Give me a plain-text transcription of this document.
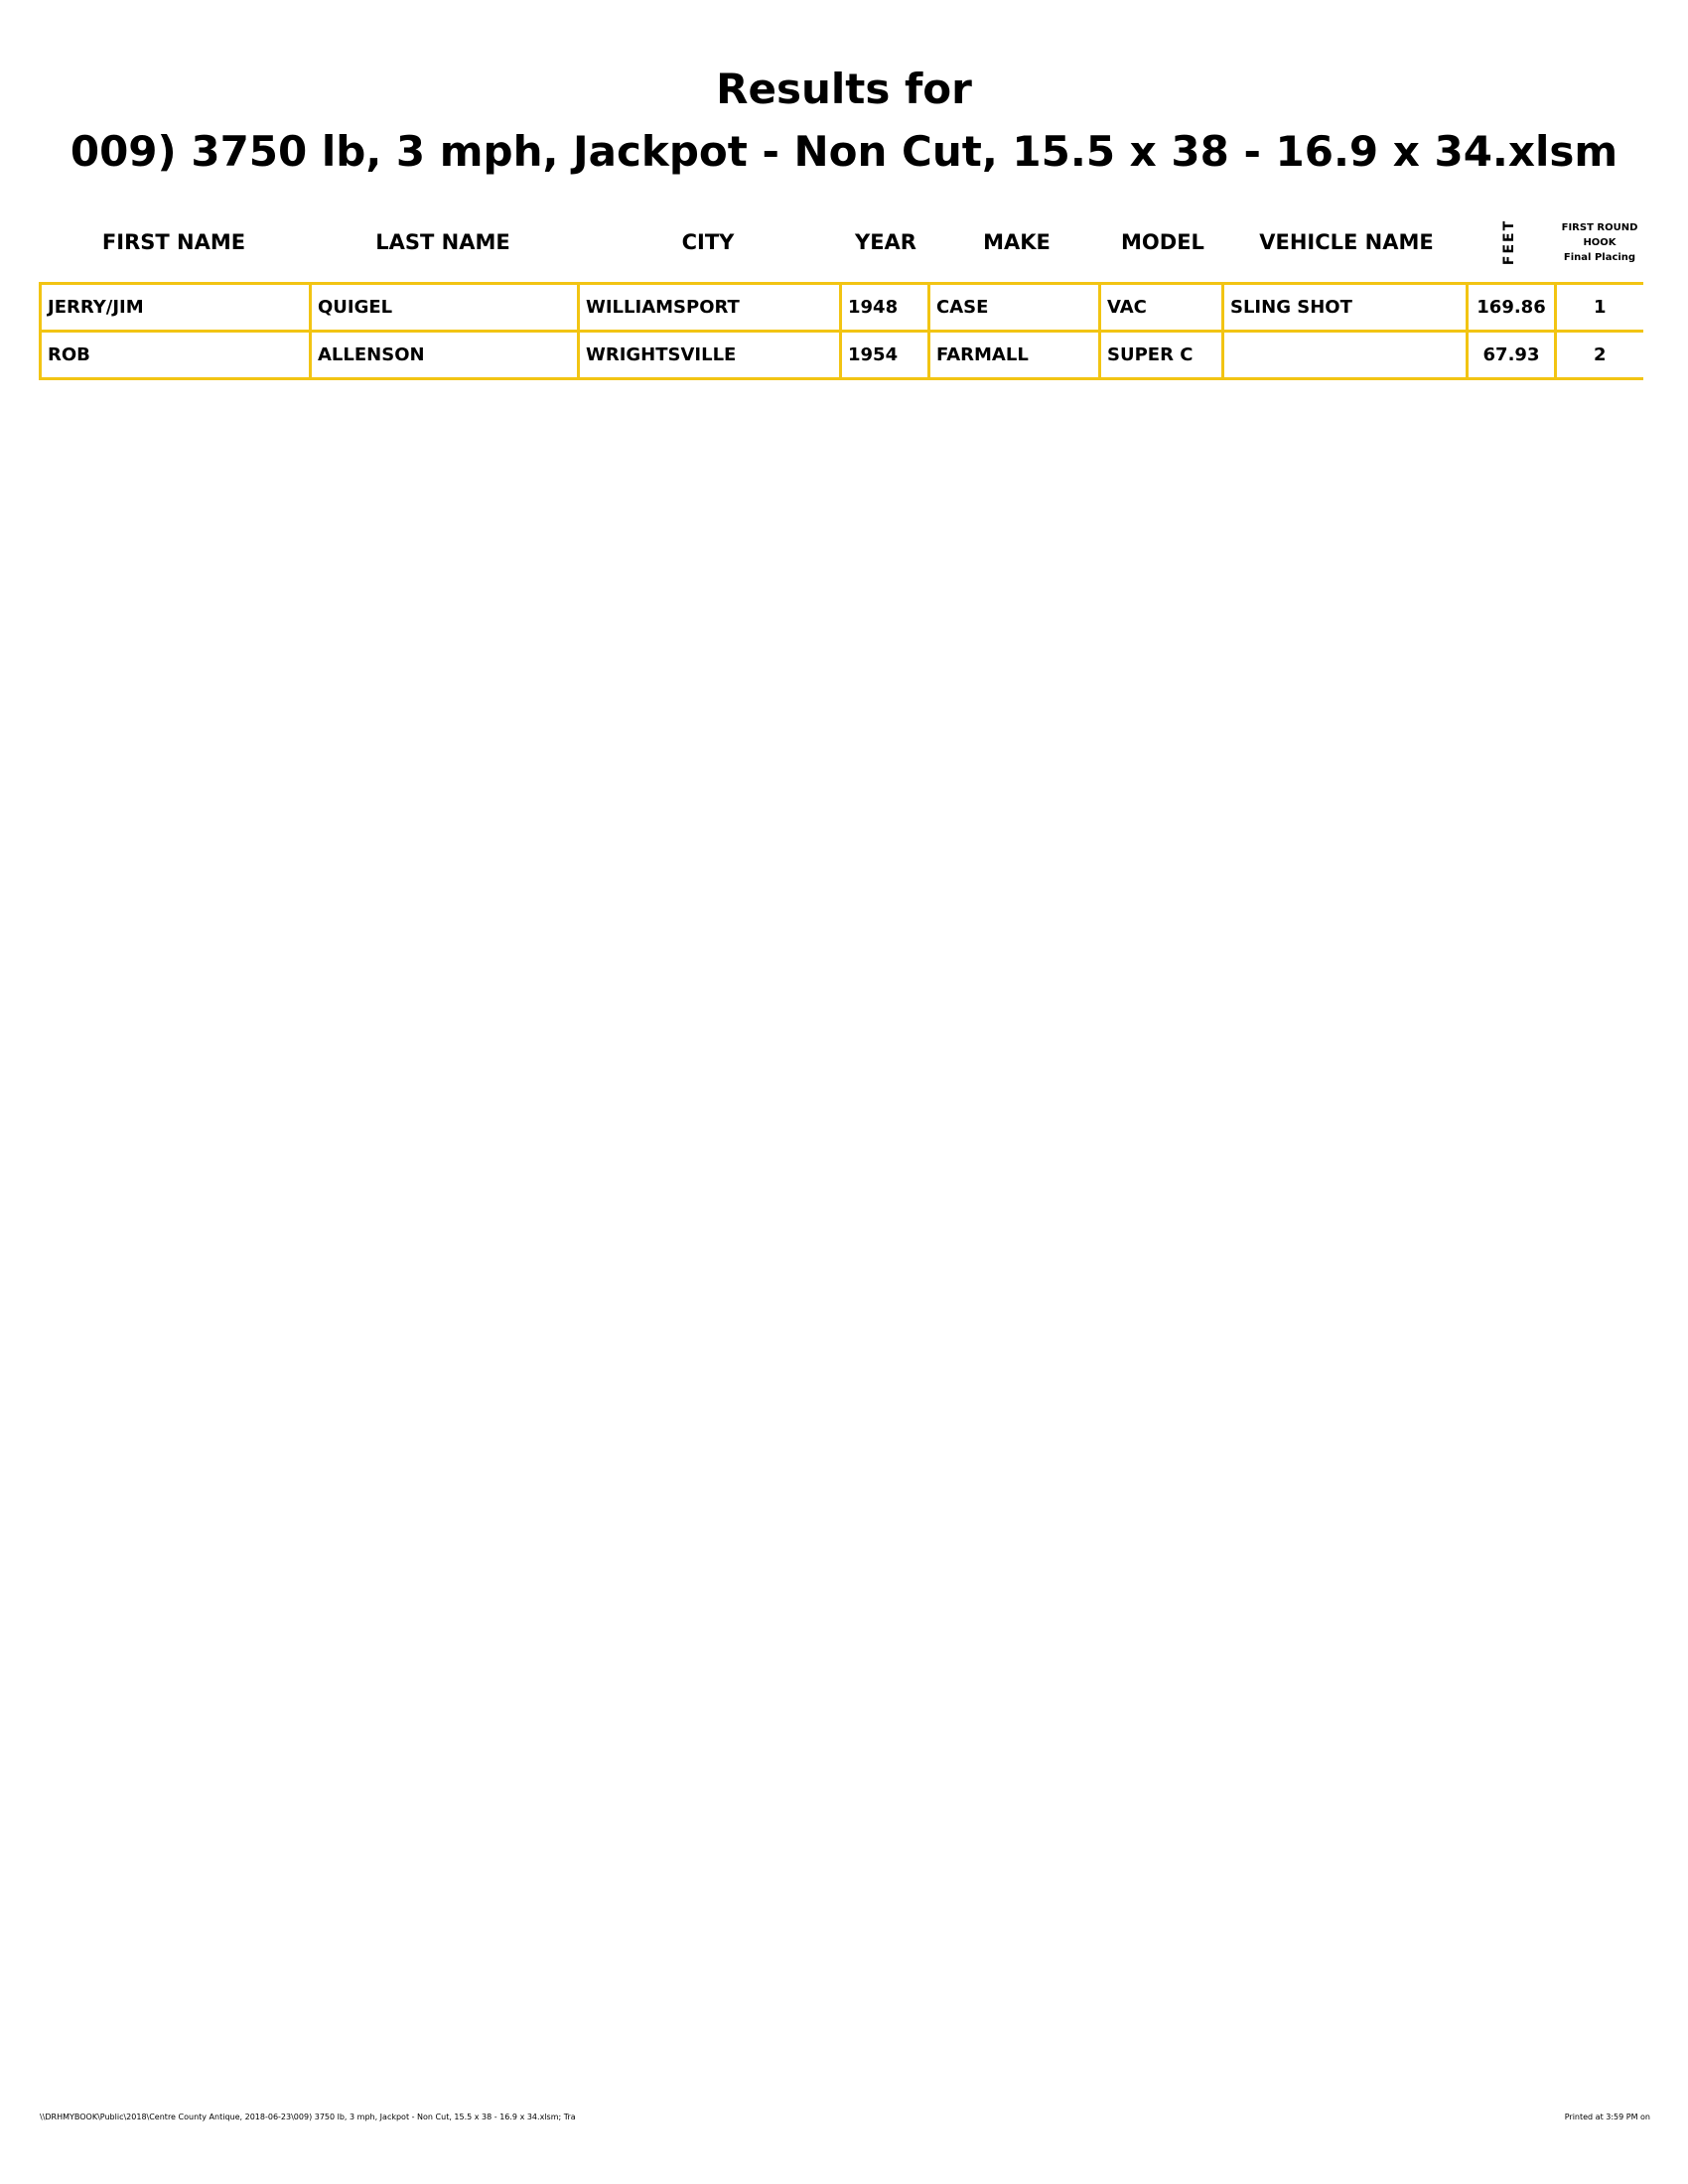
Results for
009) 3750 lb, 3 mph, Jackpot - Non Cut, 15.5 x 38 - 16.9 x 34.xlsm
FIRST NAME	LAST NAME	CITY	YEAR	MAKE	MODEL	VEHICLE NAME	FEET	FIRST ROUND
HOOK
Final Placing
JERRY/JIM	QUIGEL	WILLIAMSPORT	1948	CASE	VAC	SLING SHOT	169.86	1
ROB	ALLENSON	WRIGHTSVILLE	1954	FARMALL	SUPER C		67.93	2
\\DRHMYBOOK\Public\2018\Centre County Antique, 2018-06-23\009) 3750 lb, 3 mph, Jackpot - Non Cut, 15.5 x 38 - 16.9 x 34.xlsm; Tra	Printed at 3:59 PM on
